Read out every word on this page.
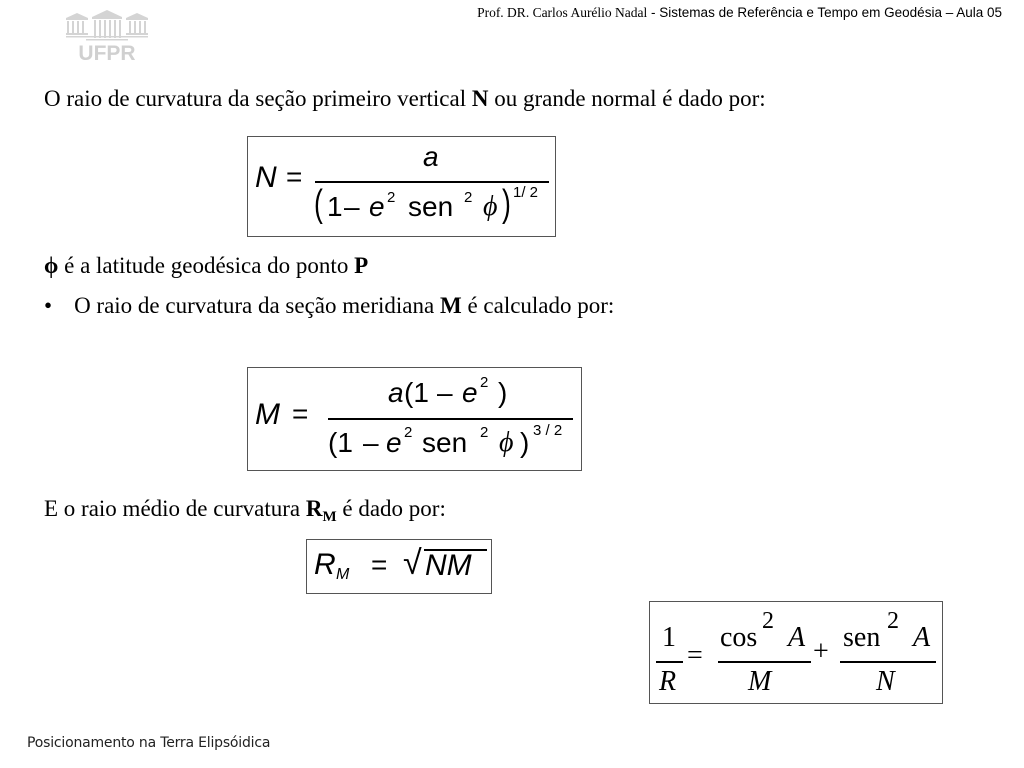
UFPR
Prof. DR. Carlos Aurélio Nadal - Sistemas de Referência e Tempo em Geodésia – Aula 05
O raio de curvatura da seção primeiro vertical N ou grande normal é dado por:
N =
a
( 1 – e 2 sen 2 ϕ ) 1/ 2
ϕ é a latitude geodésica do ponto P
• O raio de curvatura da seção meridiana M é calculado por:
M =
a (1 – e 2 )
(1 – e 2 sen 2 ϕ ) 3 / 2
E o raio médio de curvatura $R_M$ é dado por:
R M = √ NM
1
R
=
cos
2
A
M
+ sen
2
A
N
Posicionamento na Terra Elipsóidica
